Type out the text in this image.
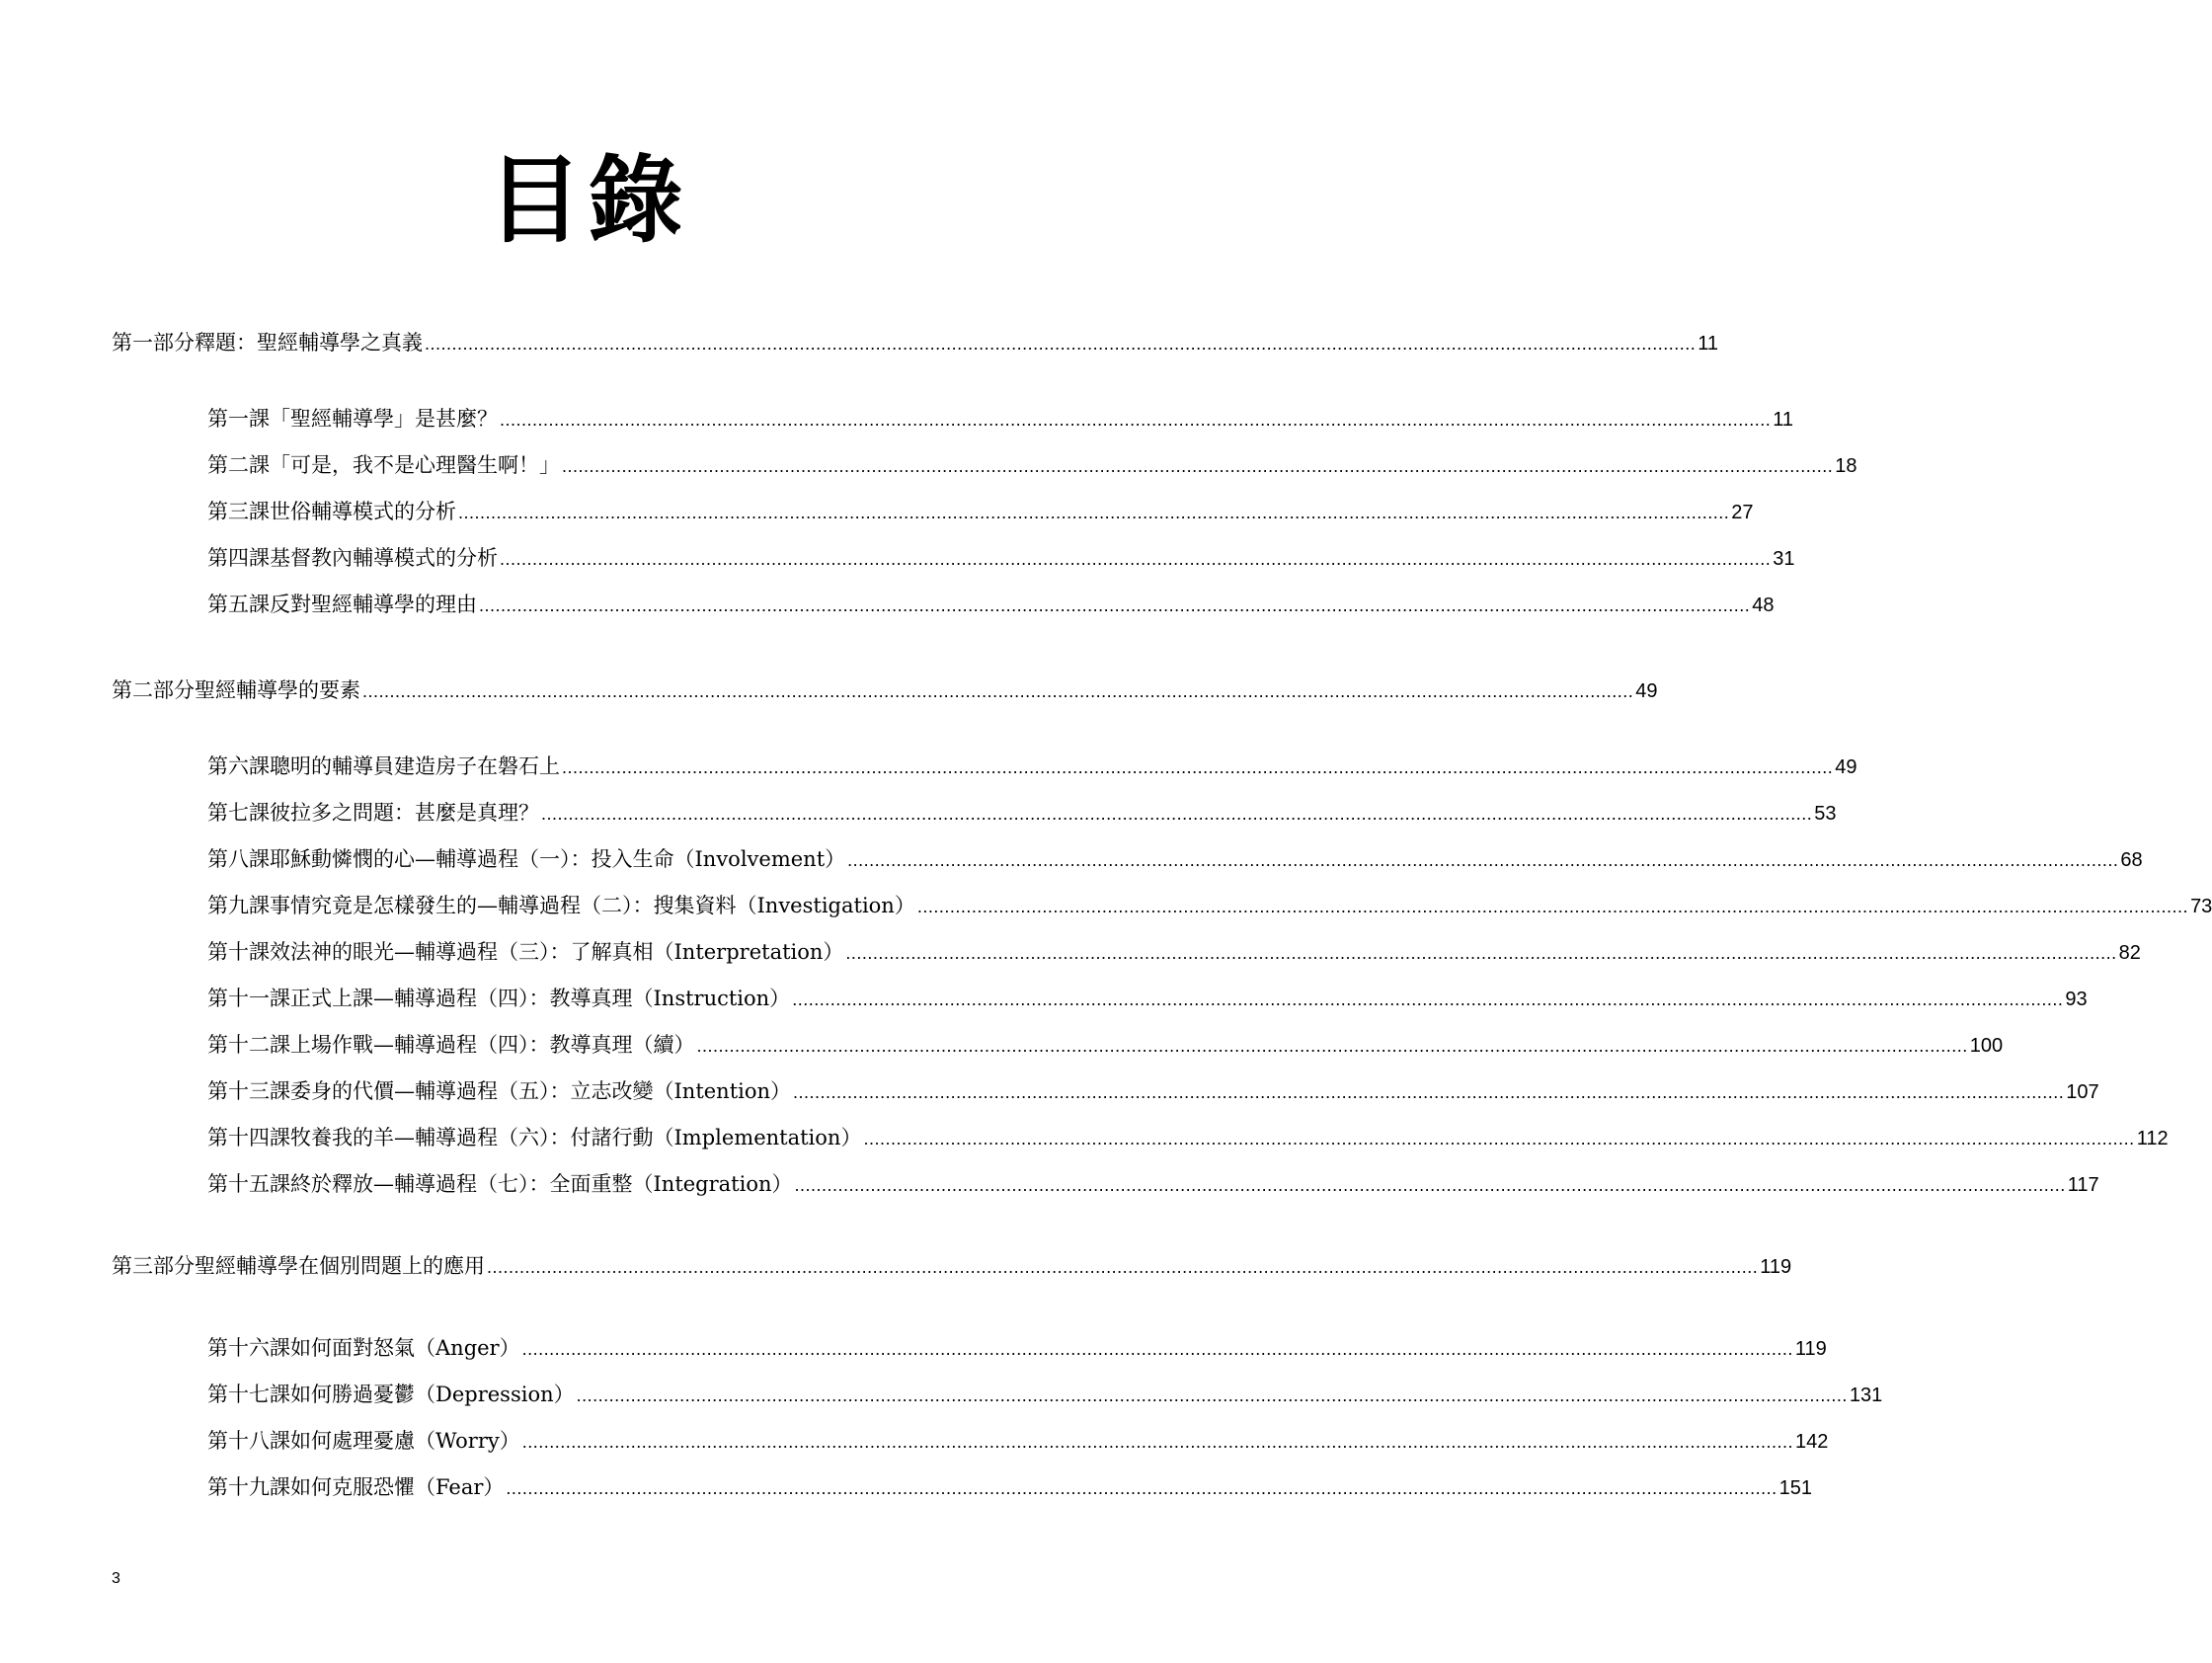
目錄
第一部分 釋題：聖經輔導學之真義 .......................................................................................................................................................................................................................................... 11
第一課 「聖經輔導學」是甚麼？ .......................................................................................................................................................................................................................................... 11
第二課 「可是，我不是心理醫生啊！」 .......................................................................................................................................................................................................................................... 18
第三課 世俗輔導模式的分析 .......................................................................................................................................................................................................................................... 27
第四課 基督教內輔導模式的分析 .......................................................................................................................................................................................................................................... 31
第五課 反對聖經輔導學的理由 .......................................................................................................................................................................................................................................... 48
第二部分 聖經輔導學的要素 .......................................................................................................................................................................................................................................... 49
第六課 聰明的輔導員建造房子在磐石上 .......................................................................................................................................................................................................................................... 49
第七課 彼拉多之問題：甚麼是真理？ .......................................................................................................................................................................................................................................... 53
第八課 耶穌動憐憫的心—輔導過程（一）：投入生命（Involvement） .......................................................................................................................................................................................................................................... 68
第九課 事情究竟是怎樣發生的—輔導過程（二）：搜集資料（Investigation） .......................................................................................................................................................................................................................................... 73
第十課 效法神的眼光—輔導過程（三）：了解真相（Interpretation） .......................................................................................................................................................................................................................................... 82
第十一課 正式上課—輔導過程（四）：教導真理（Instruction） .......................................................................................................................................................................................................................................... 93
第十二課 上場作戰—輔導過程（四）：教導真理（續） .......................................................................................................................................................................................................................................... 100
第十三課 委身的代價—輔導過程（五）：立志改變（Intention） .......................................................................................................................................................................................................................................... 107
第十四課 牧養我的羊—輔導過程（六）：付諸行動（Implementation） .......................................................................................................................................................................................................................................... 112
第十五課 終於釋放—輔導過程（七）：全面重整（Integration） .......................................................................................................................................................................................................................................... 117
第三部分 聖經輔導學在個別問題上的應用 .......................................................................................................................................................................................................................................... 119
第十六課 如何面對怒氣（Anger） .......................................................................................................................................................................................................................................... 119
第十七課 如何勝過憂鬱（Depression） .......................................................................................................................................................................................................................................... 131
第十八課 如何處理憂慮（Worry） .......................................................................................................................................................................................................................................... 142
第十九課 如何克服恐懼（Fear） .......................................................................................................................................................................................................................................... 151
3
